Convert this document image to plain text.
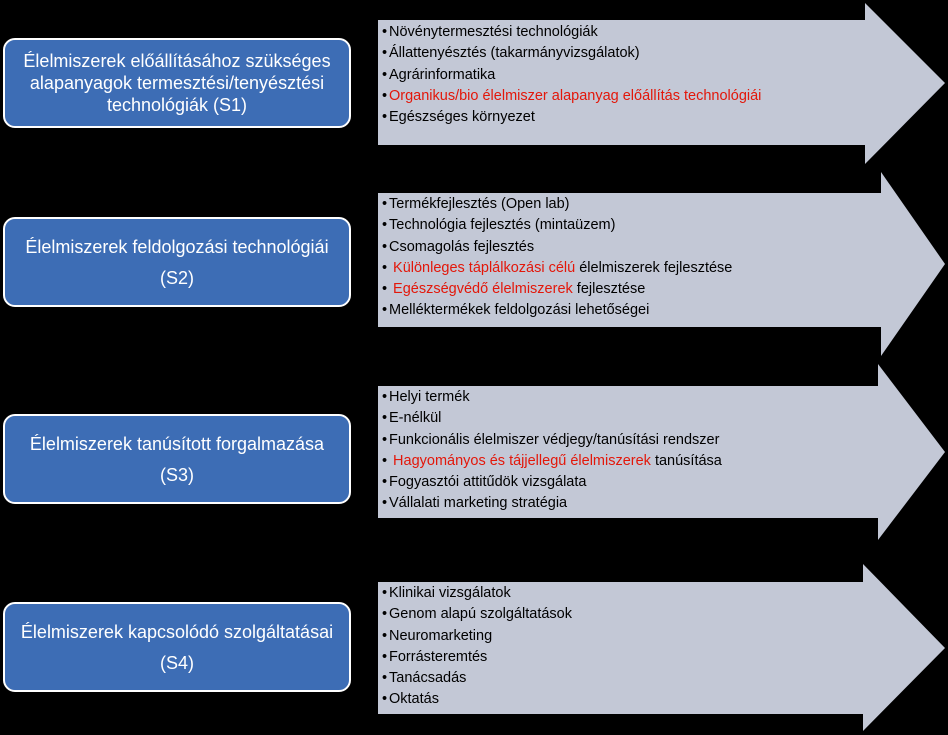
Élelmiszerek előállításához szükséges alapanyagok termesztési/tenyésztési technológiák (S1)
• Növénytermesztési technológiák
• Állattenyésztés (takarmányvizsgálatok)
• Agrárinformatika
• Organikus/bio élelmiszer alapanyag előállítás technológiái
• Egészséges környezet
Élelmiszerek feldolgozási technológiái
(S2)
• Termékfejlesztés (Open lab)
• Technológia fejlesztés (mintaüzem)
• Csomagolás fejlesztés
• Különleges táplálkozási célú élelmiszerek fejlesztése
• Egészségvédő élelmiszerek fejlesztése
• Melléktermékek feldolgozási lehetőségei
Élelmiszerek tanúsított forgalmazása
(S3)
• Helyi termék
• E-nélkül
• Funkcionális élelmiszer védjegy/tanúsítási rendszer
• Hagyományos és tájjellegű élelmiszerek tanúsítása
• Fogyasztói attitűdök vizsgálata
• Vállalati marketing stratégia
Élelmiszerek kapcsolódó szolgáltatásai
(S4)
• Klinikai vizsgálatok
• Genom alapú szolgáltatások
• Neuromarketing
• Forrásteremtés
• Tanácsadás
• Oktatás
